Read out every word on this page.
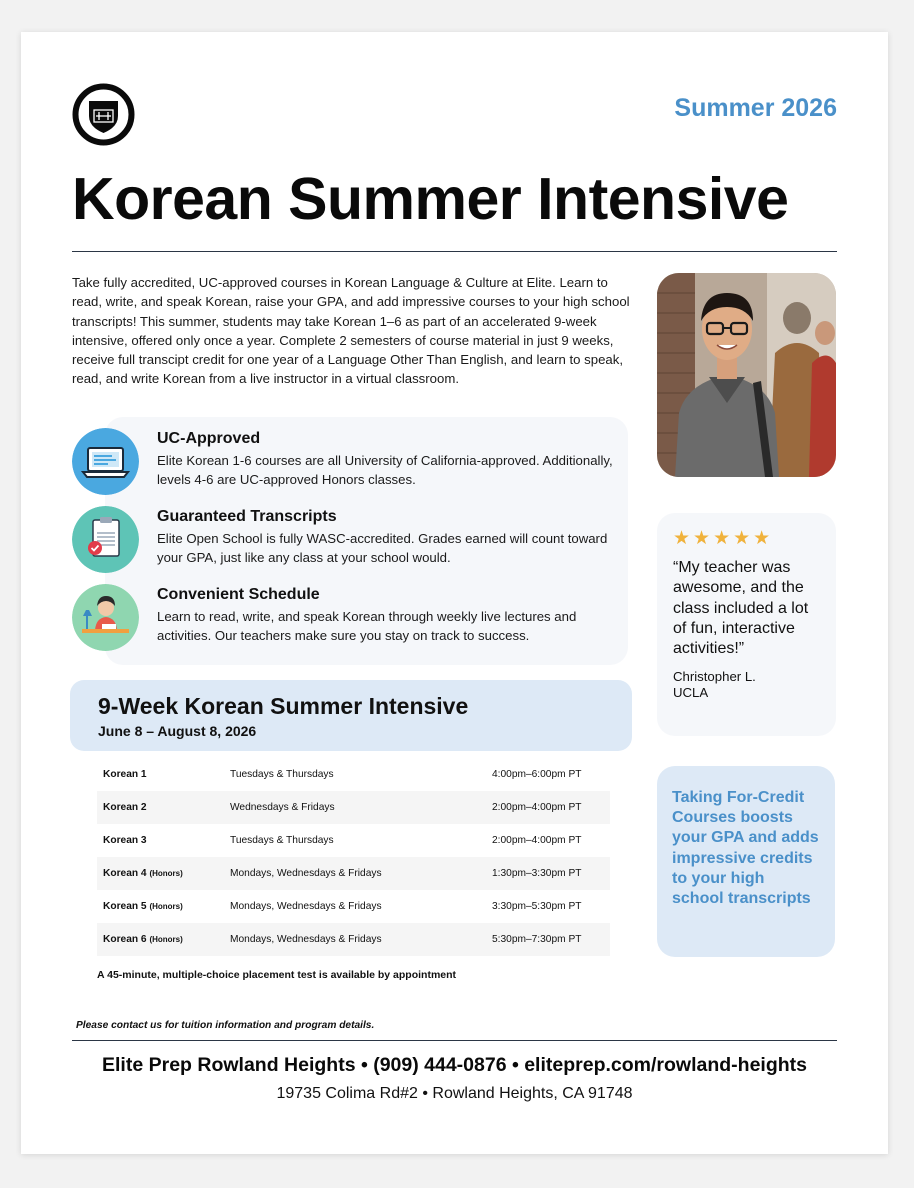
Summer 2026
Korean Summer Intensive

Take fully accredited, UC-approved courses in Korean Language & Culture at Elite. Learn to read, write, and speak Korean, raise your GPA, and add impressive courses to your high school transcripts! This summer, students may take Korean 1–6 as part of an accelerated 9-week intensive, offered only once a year. Complete 2 semesters of course material in just 9 weeks, receive full transcipt credit for one year of a Language Other Than English, and learn to speak, read, and write Korean from a live instructor in a virtual classroom.

UC-Approved
Elite Korean 1-6 courses are all University of California-approved. Additionally, levels 4-6 are UC-approved Honors classes.
Guaranteed Transcripts
Elite Open School is fully WASC-accredited. Grades earned will count toward your GPA, just like any class at your school would.
Convenient Schedule
Learn to read, write, and speak Korean through weekly live lectures and activities. Our teachers make sure you stay on track to success.
★★★★★
“My teacher was awesome, and the class included a lot of fun, interactive activities!”
Christopher L.
UCLA
Taking For-Credit Courses boosts your GPA and adds impressive credits to your high school transcripts
9-Week Korean Summer Intensive
June 8 – August 8, 2026
Korean 1	Tuesdays & Thursdays	4:00pm–6:00pm PT
Korean 2	Wednesdays & Fridays	2:00pm–4:00pm PT
Korean 3	Tuesdays & Thursdays	2:00pm–4:00pm PT
Korean 4 (Honors)	Mondays, Wednesdays & Fridays	1:30pm–3:30pm PT
Korean 5 (Honors)	Mondays, Wednesdays & Fridays	3:30pm–5:30pm PT
Korean 6 (Honors)	Mondays, Wednesdays & Fridays	5:30pm–7:30pm PT
A 45-minute, multiple-choice placement test is available by appointment
Please contact us for tuition information and program details.
Elite Prep Rowland Heights • (909) 444-0876 • eliteprep.com/rowland-heights
19735 Colima Rd#2 • Rowland Heights, CA 91748
